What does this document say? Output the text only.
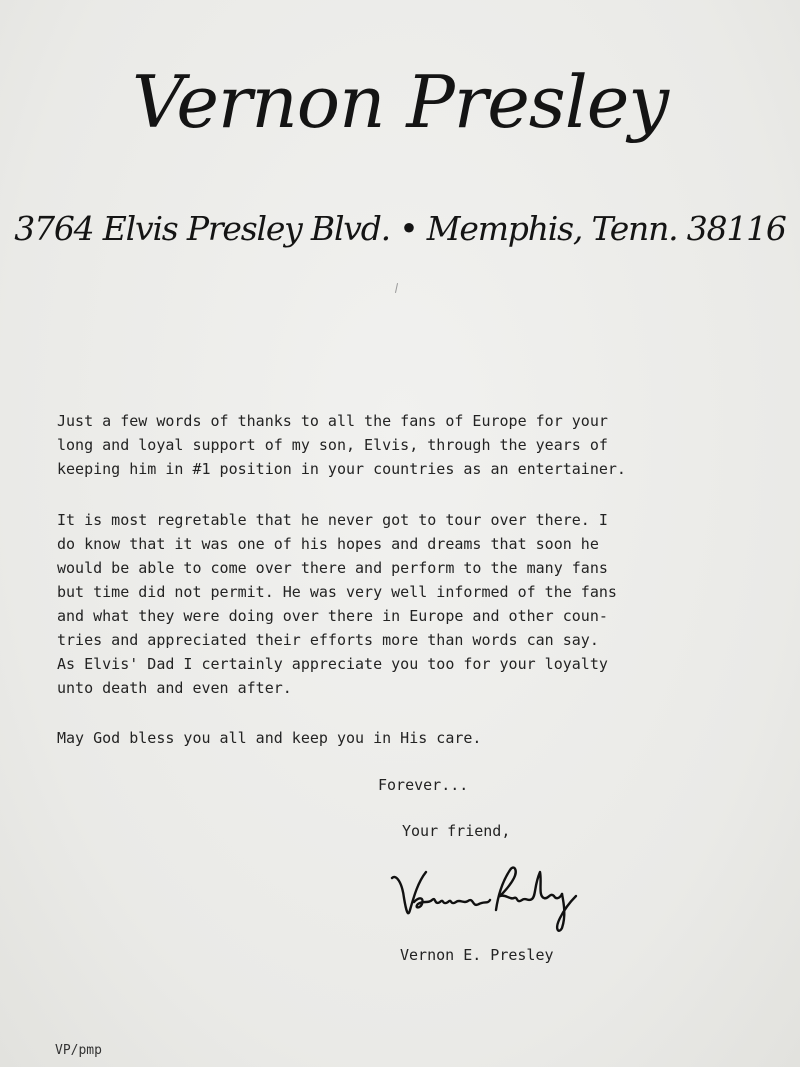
Vernon Presley
3764 Elvis Presley Blvd. • Memphis, Tenn. 38116
Just a few words of thanks to all the fans of Europe for your
long and loyal support of my son, Elvis, through the years of
keeping him in #1 position in your countries as an entertainer.
It is most regretable that he never got to tour over there. I
do know that it was one of his hopes and dreams that soon he
would be able to come over there and perform to the many fans
but time did not permit. He was very well informed of the fans
and what they were doing over there in Europe and other coun-
tries and appreciated their efforts more than words can say.
As Elvis' Dad I certainly appreciate you too for your loyalty
unto death and even after.
May God bless you all and keep you in His care.
Forever...
Your friend,
Vernon E. Presley
VP/pmp
